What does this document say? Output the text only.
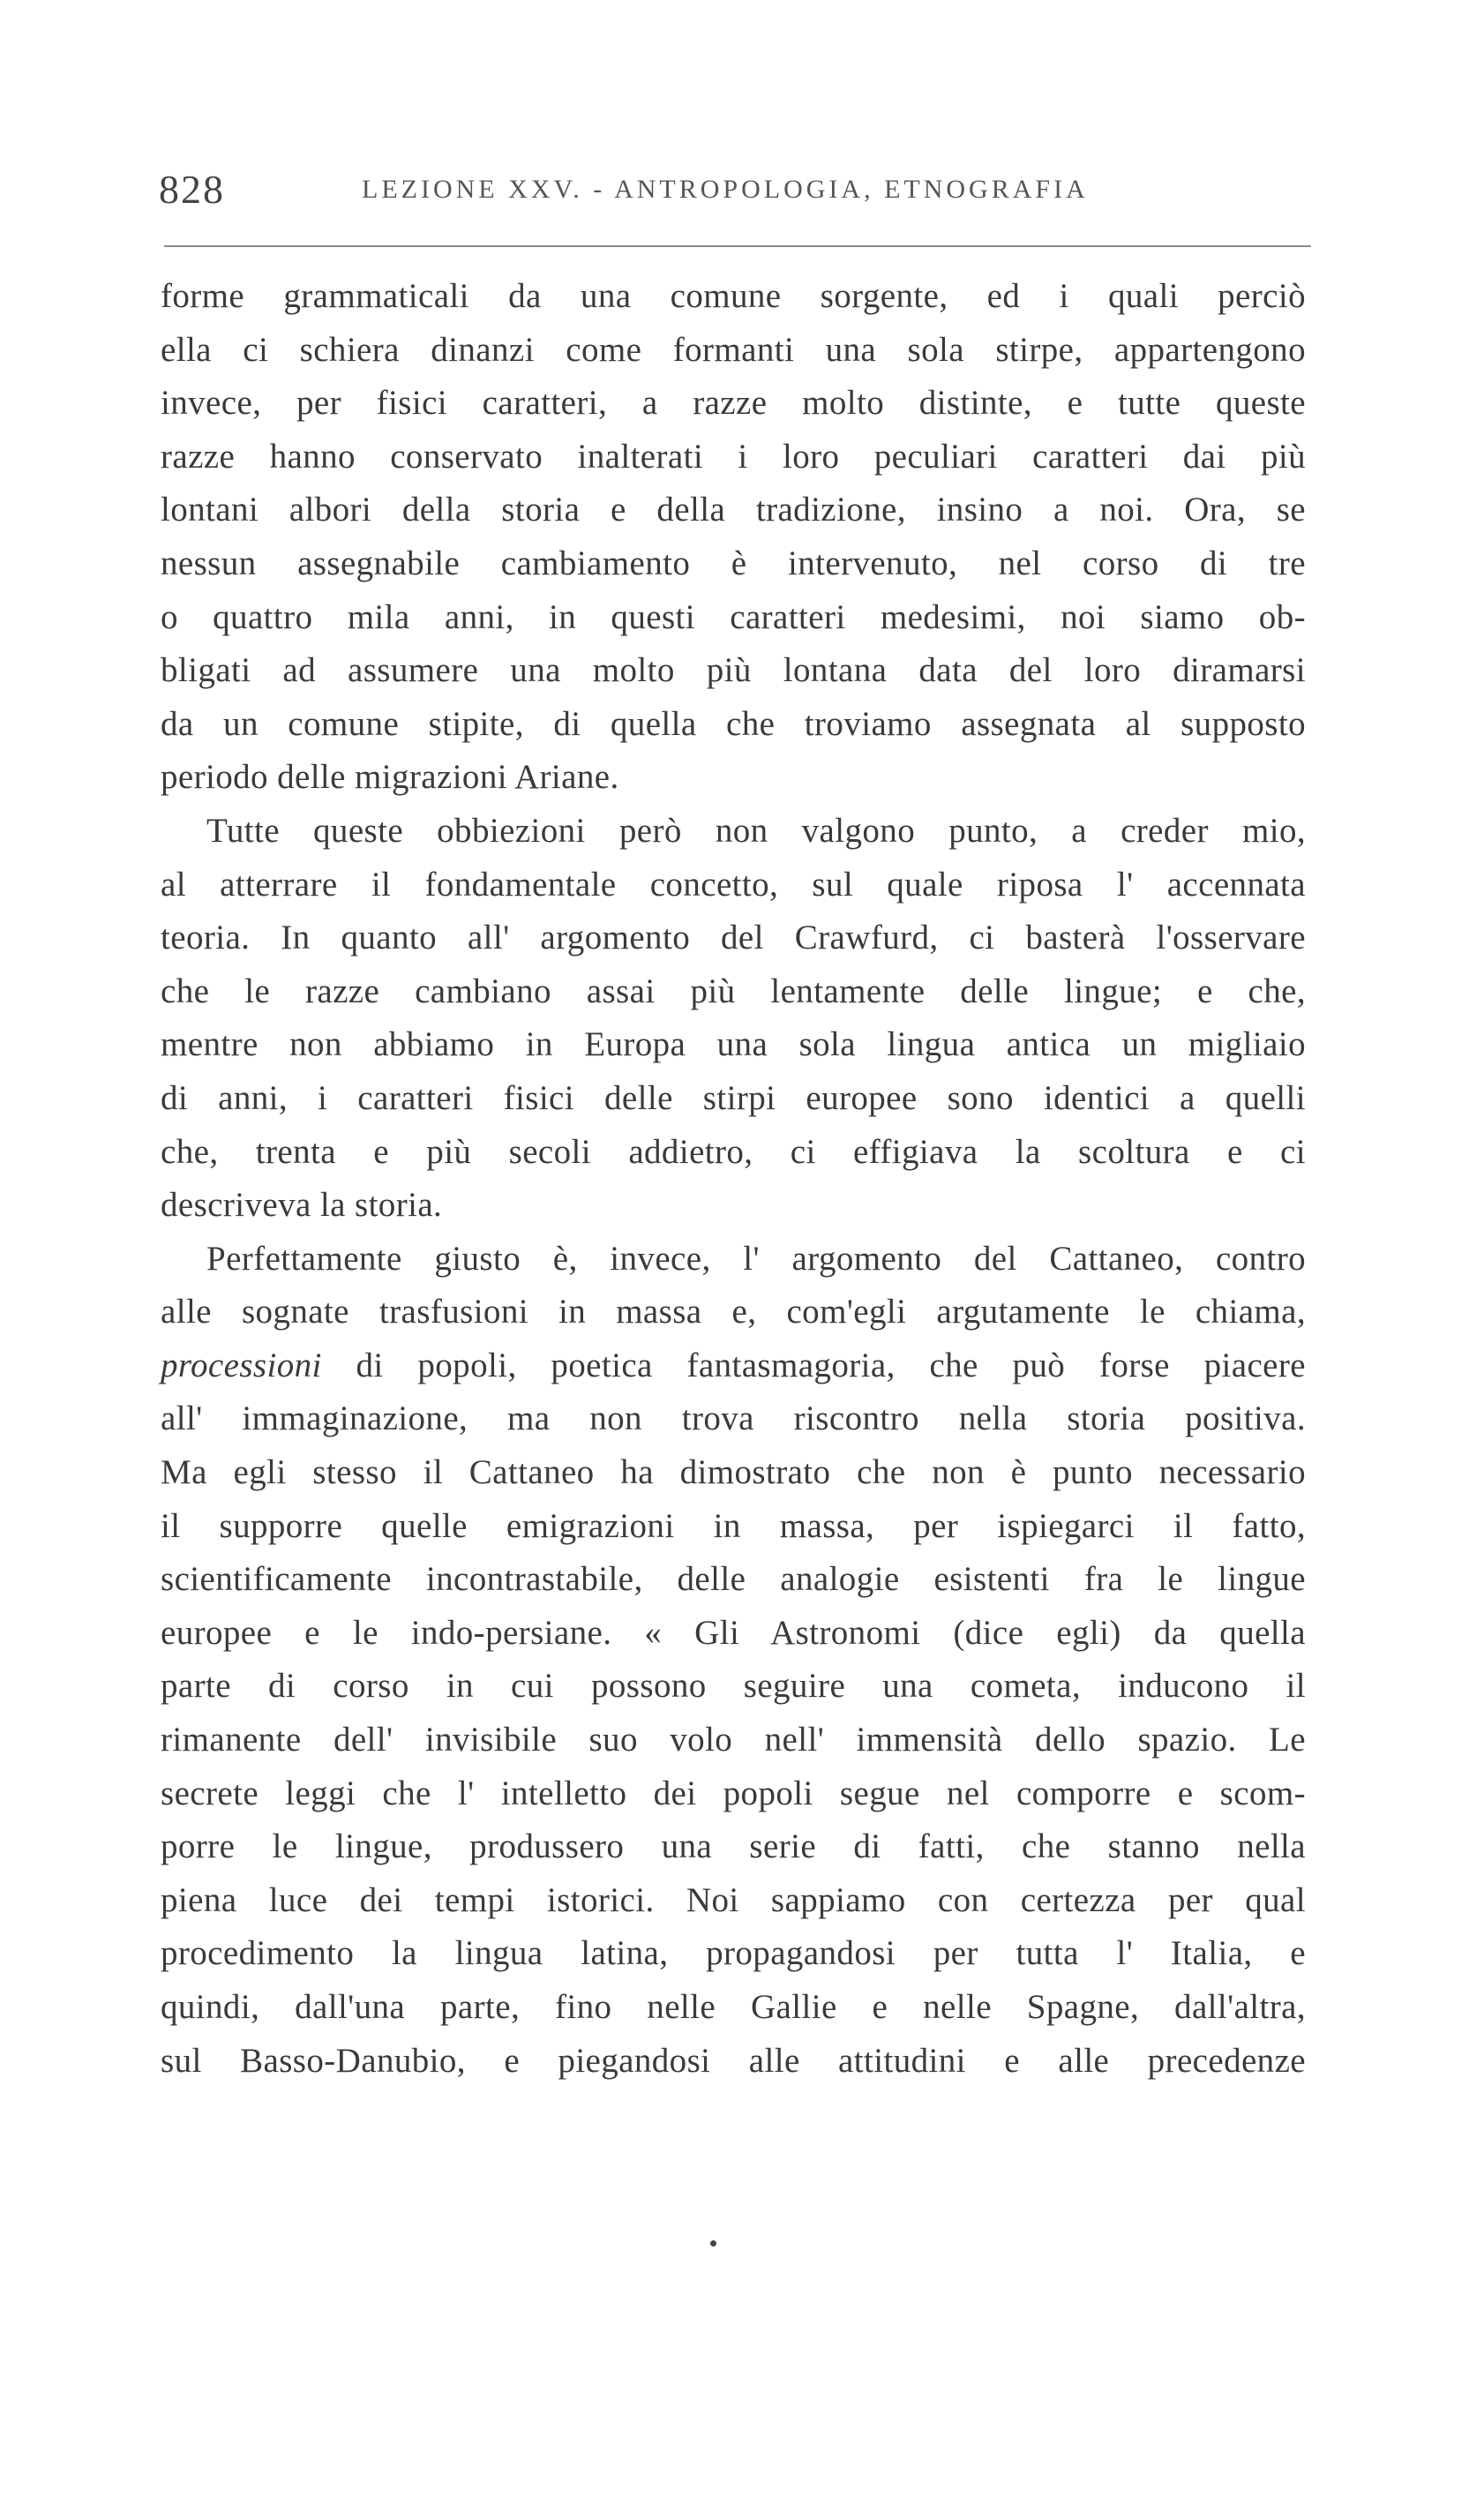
828	LEZIONE XXV. - ANTROPOLOGIA, ETNOGRAFIA
forme grammaticali da una comune sorgente, ed i quali perciò
ella ci schiera dinanzi come formanti una sola stirpe, appartengono
invece, per fisici caratteri, a razze molto distinte, e tutte queste
razze hanno conservato inalterati i loro peculiari caratteri dai più
lontani albori della storia e della tradizione, insino a noi. Ora, se
nessun assegnabile cambiamento è intervenuto, nel corso di tre
o quattro mila anni, in questi caratteri medesimi, noi siamo ob-
bligati ad assumere una molto più lontana data del loro diramarsi
da un comune stipite, di quella che troviamo assegnata al supposto
periodo delle migrazioni Ariane.
Tutte queste obbiezioni però non valgono punto, a creder mio,
al atterrare il fondamentale concetto, sul quale riposa l' accennata
teoria. In quanto all' argomento del Crawfurd, ci basterà l'osservare
che le razze cambiano assai più lentamente delle lingue; e che,
mentre non abbiamo in Europa una sola lingua antica un migliaio
di anni, i caratteri fisici delle stirpi europee sono identici a quelli
che, trenta e più secoli addietro, ci effigiava la scoltura e ci
descriveva la storia.
Perfettamente giusto è, invece, l' argomento del Cattaneo, contro
alle sognate trasfusioni in massa e, com'egli argutamente le chiama,
processioni di popoli, poetica fantasmagoria, che può forse piacere
all' immaginazione, ma non trova riscontro nella storia positiva.
Ma egli stesso il Cattaneo ha dimostrato che non è punto necessario
il supporre quelle emigrazioni in massa, per ispiegarci il fatto,
scientificamente incontrastabile, delle analogie esistenti fra le lingue
europee e le indo-persiane. « Gli Astronomi (dice egli) da quella
parte di corso in cui possono seguire una cometa, inducono il
rimanente dell' invisibile suo volo nell' immensità dello spazio. Le
secrete leggi che l' intelletto dei popoli segue nel comporre e scom-
porre le lingue, produssero una serie di fatti, che stanno nella
piena luce dei tempi istorici. Noi sappiamo con certezza per qual
procedimento la lingua latina, propagandosi per tutta l' Italia, e
quindi, dall'una parte, fino nelle Gallie e nelle Spagne, dall'altra,
sul Basso-Danubio, e piegandosi alle attitudini e alle precedenze
